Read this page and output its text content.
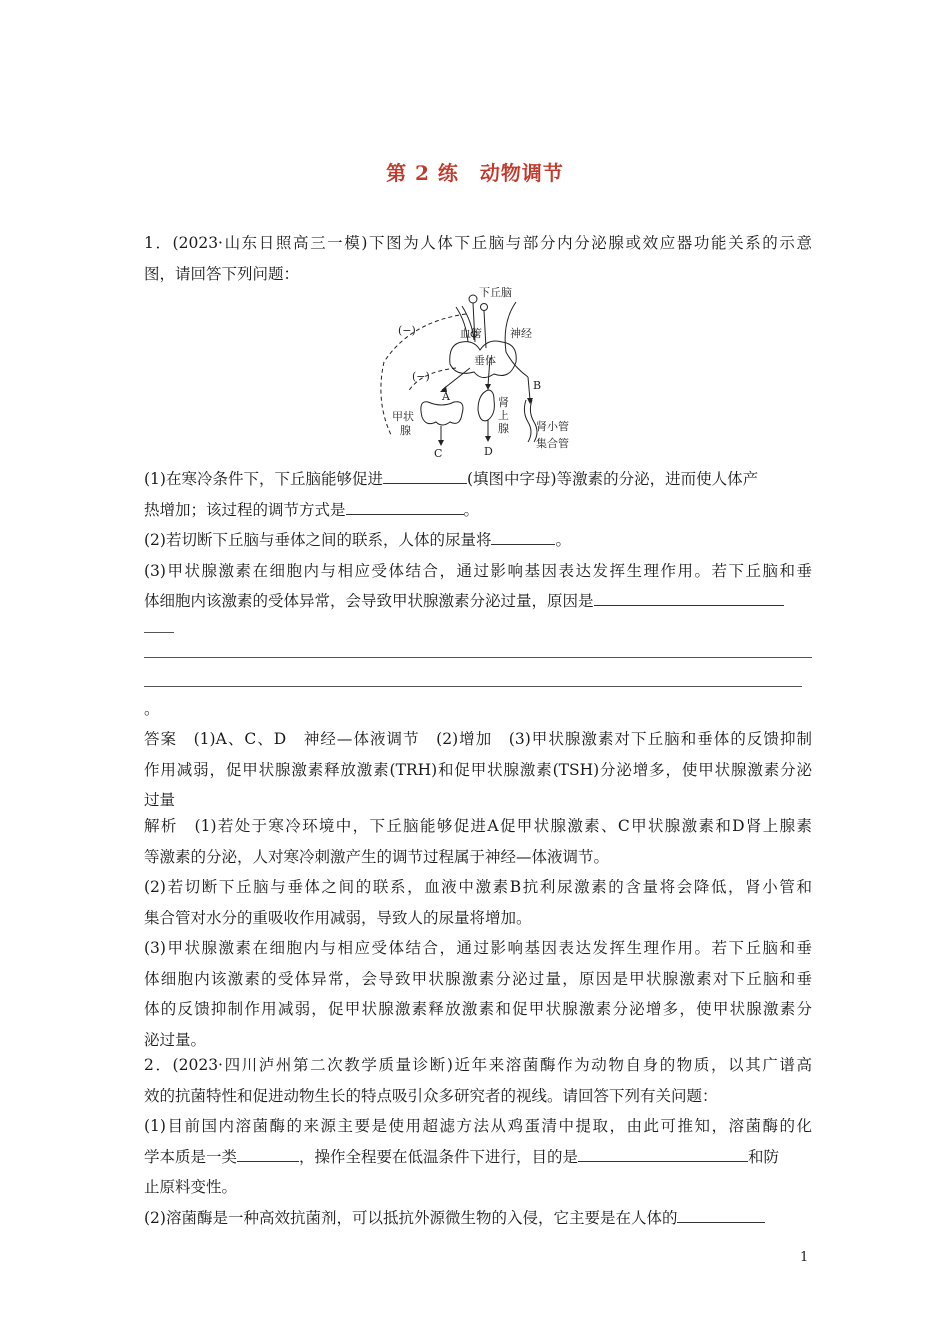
第 2 练　动物调节
1．(2023·山东日照高三一模)下图为人体下丘脑与部分内分泌腺或效应器功能关系的示意
图，请回答下列问题：
下丘脑
血管	神经
垂体
(−)
(−)
A
B
C	D
甲状
腺
肾
上
腺 肾小管
集合管
(1)在寒冷条件下，下丘脑能够促进	(填图中字母)等激素的分泌，进而使人体产
热增加；该过程的调节方式是	。
(2)若切断下丘脑与垂体之间的联系，人体的尿量将	。
(3)甲状腺激素在细胞内与相应受体结合，通过影响基因表达发挥生理作用。若下丘脑和垂
体细胞内该激素的受体异常，会导致甲状腺激素分泌过量，原因是
。
答案　(1)A、C、D　神经—体液调节　(2)增加　(3)甲状腺激素对下丘脑和垂体的反馈抑制
作用减弱，促甲状腺激素释放激素(TRH)和促甲状腺激素(TSH)分泌增多，使甲状腺激素分泌
过量
解析　(1)若处于寒冷环境中，下丘脑能够促进A促甲状腺激素、C甲状腺激素和D肾上腺素
等激素的分泌，人对寒冷刺激产生的调节过程属于神经—体液调节。
(2)若切断下丘脑与垂体之间的联系，血液中激素B抗利尿激素的含量将会降低，肾小管和
集合管对水分的重吸收作用减弱，导致人的尿量将增加。
(3)甲状腺激素在细胞内与相应受体结合，通过影响基因表达发挥生理作用。若下丘脑和垂
体细胞内该激素的受体异常，会导致甲状腺激素分泌过量，原因是甲状腺激素对下丘脑和垂
体的反馈抑制作用减弱，促甲状腺激素释放激素和促甲状腺激素分泌增多，使甲状腺激素分
泌过量。
2．(2023·四川泸州第二次教学质量诊断)近年来溶菌酶作为动物自身的物质，以其广谱高
效的抗菌特性和促进动物生长的特点吸引众多研究者的视线。请回答下列有关问题：
(1)目前国内溶菌酶的来源主要是使用超滤方法从鸡蛋清中提取，由此可推知，溶菌酶的化
学本质是一类	，操作全程要在低温条件下进行，目的是	和防
止原料变性。
(2)溶菌酶是一种高效抗菌剂，可以抵抗外源微生物的入侵，它主要是在人体的
1
